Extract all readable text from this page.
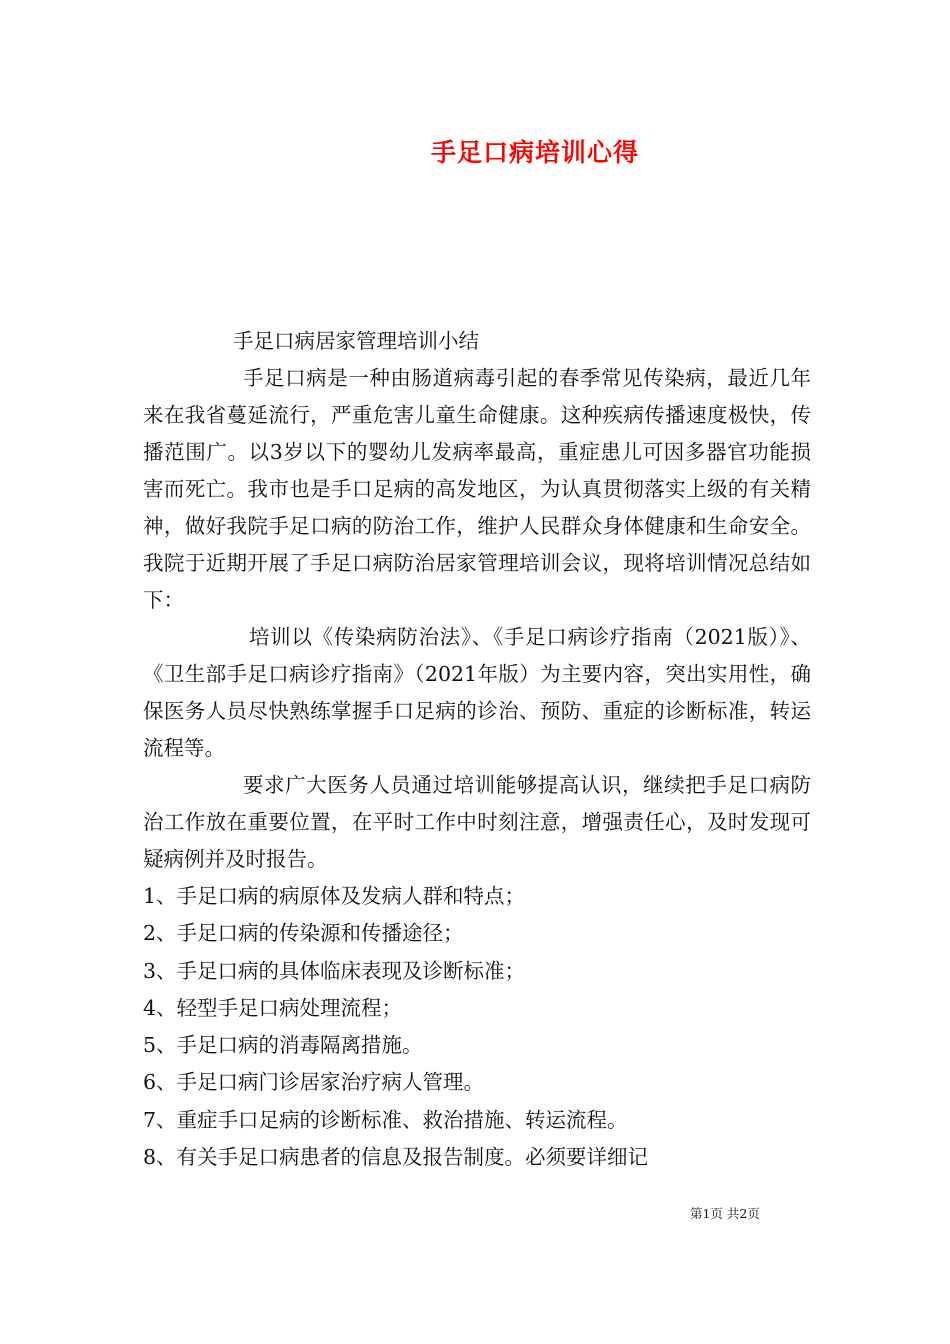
手足口病培训心得

手足口病居家管理培训小结

手足口病是一种由肠道病毒引起的春季常见传染病，最近几年来在我省蔓延流行，严重危害儿童生命健康。这种疾病传播速度极快，传播范围广。以3岁以下的婴幼儿发病率最高，重症患儿可因多器官功能损害而死亡。我市也是手口足病的高发地区，为认真贯彻落实上级的有关精神，做好我院手足口病的防治工作，维护人民群众身体健康和生命安全。我院于近期开展了手足口病防治居家管理培训会议，现将培训情况总结如下：

培训以《传染病防治法》、《手足口病诊疗指南（2021版）》、《卫生部手足口病诊疗指南》（2021年版）为主要内容，突出实用性，确保医务人员尽快熟练掌握手口足病的诊治、预防、重症的诊断标准，转运流程等。

要求广大医务人员通过培训能够提高认识，继续把手足口病防治工作放在重要位置，在平时工作中时刻注意，增强责任心，及时发现可疑病例并及时报告。

1、手足口病的病原体及发病人群和特点；

2、手足口病的传染源和传播途径；

3、手足口病的具体临床表现及诊断标准；

4、轻型手足口病处理流程；

5、手足口病的消毒隔离措施。

6、手足口病门诊居家治疗病人管理。

7、重症手口足病的诊断标准、救治措施、转运流程。

8、有关手足口病患者的信息及报告制度。必须要详细记

第1页 共2页
